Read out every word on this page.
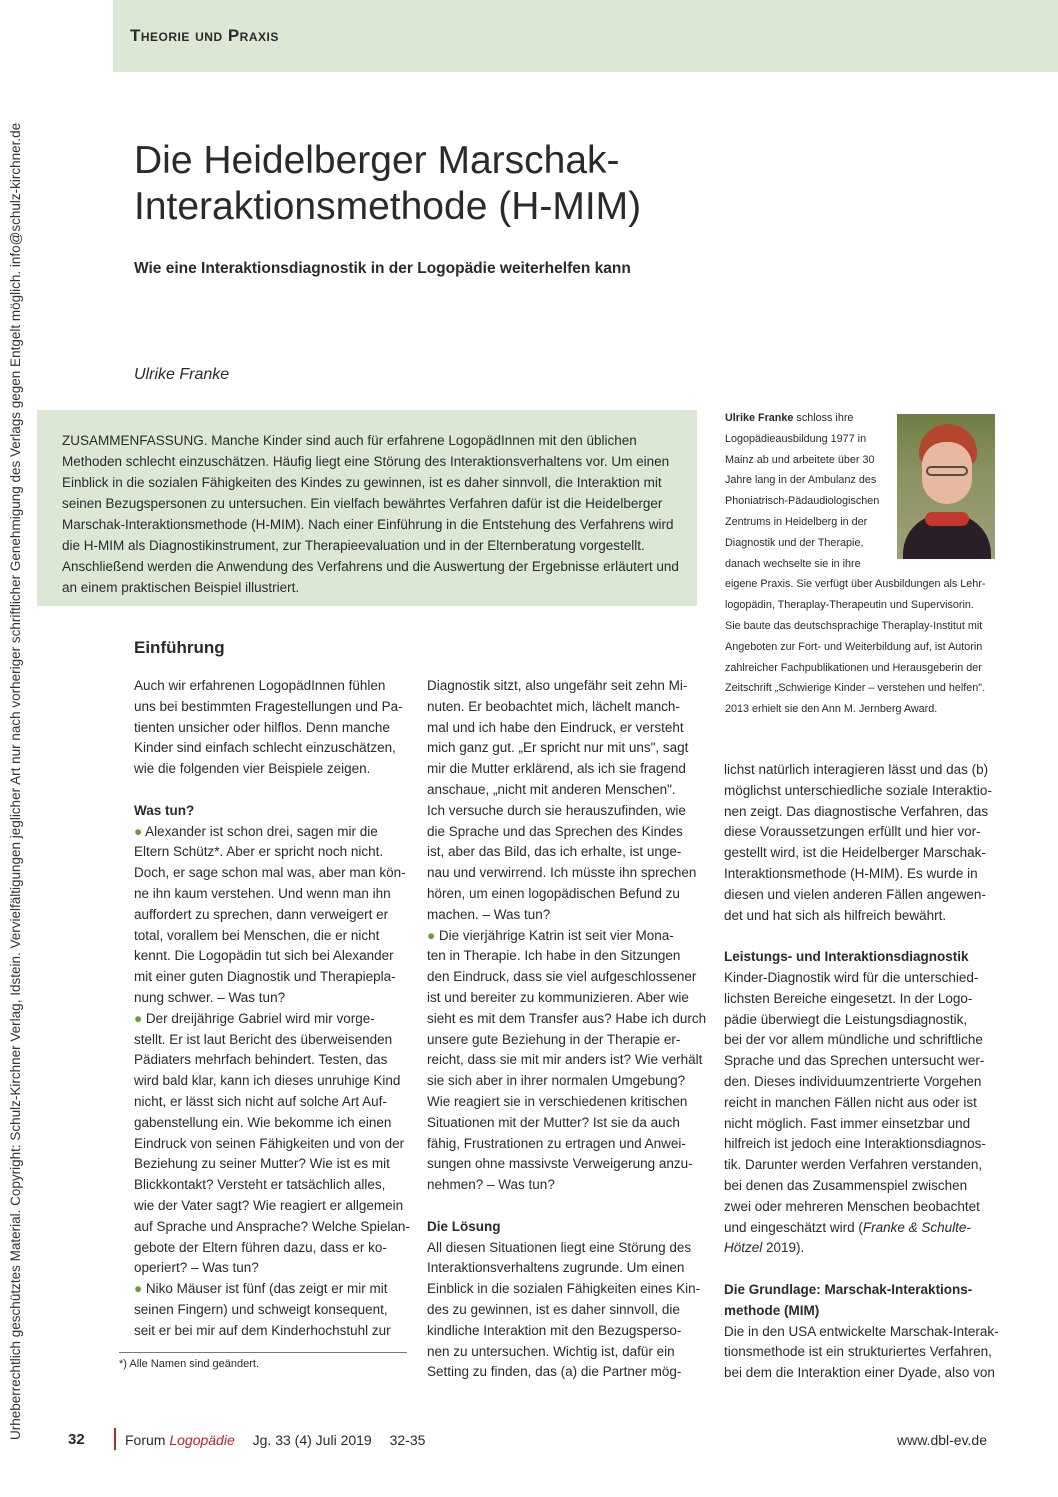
Theorie und Praxis
Urheberrechtlich geschütztes Material. Copyright: Schulz-Kirchner Verlag, Idstein. Vervielfältigungen jeglicher Art nur nach vorheriger schriftlicher Genehmigung des Verlags gegen Entgelt möglich. info@schulz-kirchner.de	Die Heidelberger Marschak-
Interaktionsmethode (H-MIM)
Wie eine Interaktionsdiagnostik in der Logopädie weiterhelfen kann
Ulrike Franke

ZUSAMMENFASSUNG. Manche Kinder sind auch für erfahrene LogopädInnen mit den üblichen Methoden schlecht einzuschätzen. Häufig liegt eine Störung des Interaktionsverhaltens vor. Um einen Einblick in die sozialen Fähigkeiten des Kindes zu gewinnen, ist es daher sinnvoll, die Interaktion mit seinen Bezugspersonen zu untersuchen. Ein vielfach bewährtes Verfahren dafür ist die Heidelberger Marschak-Interaktionsmethode (H-MIM). Nach einer Einführung in die Entstehung des Verfahrens wird die H-MIM als Diagnostikinstrument, zur Therapieevaluation und in der Elternberatung vorgestellt. Anschließend werden die Anwendung des Verfahrens und die Auswertung der Ergebnisse erläutert und an einem praktischen Beispiel illustriert.

Ulrike Franke schloss ihre
Logopädieausbildung 1977 in
Mainz ab und arbeitete über 30
Jahre lang in der Ambulanz des
Phoniatrisch-Pädaudiologischen
Zentrums in Heidelberg in der
Diagnostik und der Therapie,
danach wechselte sie in ihre
eigene Praxis. Sie verfügt über Ausbildungen als Lehr-
logopädin, Theraplay-Therapeutin und Supervisorin.
Sie baute das deutschsprachige Theraplay-Institut mit
Angeboten zur Fort- und Weiterbildung auf, ist Autorin
zahlreicher Fachpublikationen und Herausgeberin der
Zeitschrift „Schwierige Kinder – verstehen und helfen".
2013 erhielt sie den Ann M. Jernberg Award.
Einführung
Auch wir erfahrenen LogopädInnen fühlen
uns bei bestimmten Fragestellungen und Pa-
tienten unsicher oder hilflos. Denn manche
Kinder sind einfach schlecht einzuschätzen,
wie die folgenden vier Beispiele zeigen.

Was tun?
● Alexander ist schon drei, sagen mir die
Eltern Schütz*. Aber er spricht noch nicht.
Doch, er sage schon mal was, aber man kön-
ne ihn kaum verstehen. Und wenn man ihn
auffordert zu sprechen, dann verweigert er
total, vorallem bei Menschen, die er nicht
kennt. Die Logopädin tut sich bei Alexander
mit einer guten Diagnostik und Therapiepla-
nung schwer. – Was tun?
● Der dreijährige Gabriel wird mir vorge-
stellt. Er ist laut Bericht des überweisenden
Pädiaters mehrfach behindert. Testen, das
wird bald klar, kann ich dieses unruhige Kind
nicht, er lässt sich nicht auf solche Art Auf-
gabenstellung ein. Wie bekomme ich einen
Eindruck von seinen Fähigkeiten und von der
Beziehung zu seiner Mutter? Wie ist es mit
Blickkontakt? Versteht er tatsächlich alles,
wie der Vater sagt? Wie reagiert er allgemein
auf Sprache und Ansprache? Welche Spielan-
gebote der Eltern führen dazu, dass er ko-
operiert? – Was tun?
● Niko Mäuser ist fünf (das zeigt er mir mit
seinen Fingern) und schweigt konsequent,
seit er bei mir auf dem Kinderhochstuhl zur
Diagnostik sitzt, also ungefähr seit zehn Mi-
nuten. Er beobachtet mich, lächelt manch-
mal und ich habe den Eindruck, er versteht
mich ganz gut. „Er spricht nur mit uns", sagt
mir die Mutter erklärend, als ich sie fragend
anschaue, „nicht mit anderen Menschen".
Ich versuche durch sie herauszufinden, wie
die Sprache und das Sprechen des Kindes
ist, aber das Bild, das ich erhalte, ist unge-
nau und verwirrend. Ich müsste ihn sprechen
hören, um einen logopädischen Befund zu
machen. – Was tun?
● Die vierjährige Katrin ist seit vier Mona-
ten in Therapie. Ich habe in den Sitzungen
den Eindruck, dass sie viel aufgeschlossener
ist und bereiter zu kommunizieren. Aber wie
sieht es mit dem Transfer aus? Habe ich durch
unsere gute Beziehung in der Therapie er-
reicht, dass sie mit mir anders ist? Wie verhält
sie sich aber in ihrer normalen Umgebung?
Wie reagiert sie in verschiedenen kritischen
Situationen mit der Mutter? Ist sie da auch
fähig, Frustrationen zu ertragen und Anwei-
sungen ohne massivste Verweigerung anzu-
nehmen? – Was tun?

Die Lösung
All diesen Situationen liegt eine Störung des
Interaktionsverhaltens zugrunde. Um einen
Einblick in die sozialen Fähigkeiten eines Kin-
des zu gewinnen, ist es daher sinnvoll, die
kindliche Interaktion mit den Bezugsperso-
nen zu untersuchen. Wichtig ist, dafür ein
Setting zu finden, das (a) die Partner mög-
lichst natürlich interagieren lässt und das (b)
möglichst unterschiedliche soziale Interaktio-
nen zeigt. Das diagnostische Verfahren, das
diese Voraussetzungen erfüllt und hier vor-
gestellt wird, ist die Heidelberger Marschak-
Interaktionsmethode (H-MIM). Es wurde in
diesen und vielen anderen Fällen angewen-
det und hat sich als hilfreich bewährt.

Leistungs- und Interaktionsdiagnostik
Kinder-Diagnostik wird für die unterschied-
lichsten Bereiche eingesetzt. In der Logo-
pädie überwiegt die Leistungsdiagnostik,
bei der vor allem mündliche und schriftliche
Sprache und das Sprechen untersucht wer-
den. Dieses individuumzentrierte Vorgehen
reicht in manchen Fällen nicht aus oder ist
nicht möglich. Fast immer einsetzbar und
hilfreich ist jedoch eine Interaktionsdiagnos-
tik. Darunter werden Verfahren verstanden,
bei denen das Zusammenspiel zwischen
zwei oder mehreren Menschen beobachtet
und eingeschätzt wird (Franke & Schulte-
Hötzel 2019).

Die Grundlage: Marschak-Interaktions-
methode (MIM)
Die in den USA entwickelte Marschak-Interak-
tionsmethode ist ein strukturiertes Verfahren,
bei dem die Interaktion einer Dyade, also von
*) Alle Namen sind geändert.
32	Forum Logopädie Jg. 33 (4) Juli 2019 32-35	www.dbl-ev.de
